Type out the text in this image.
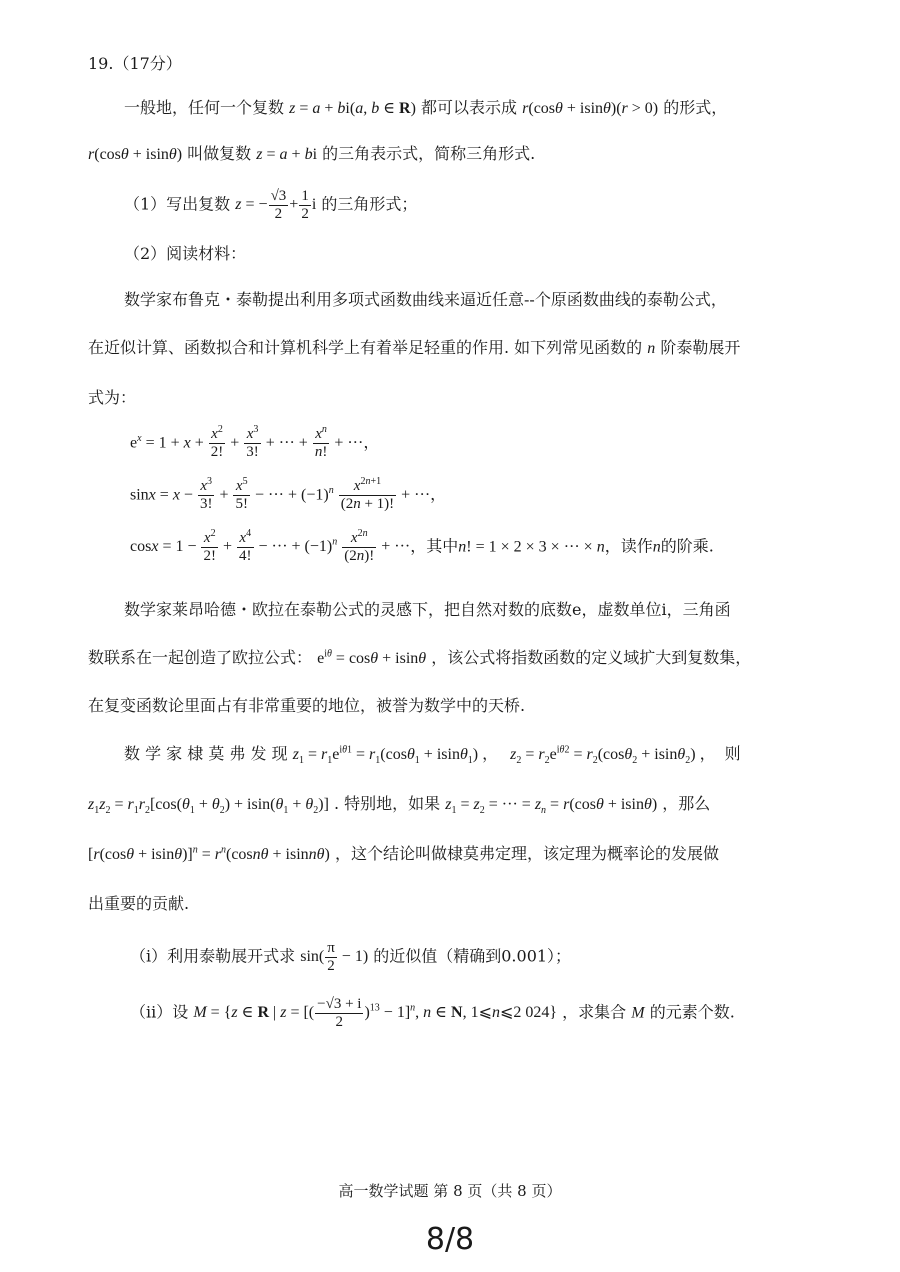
19.（17分）
一般地，任何一个复数 z = a + bi(a, b ∈ R) 都可以表示成 r(cosθ + isinθ)(r > 0) 的形式，
r(cosθ + isinθ) 叫做复数 z = a + bi 的三角表示式，简称三角形式.
（1）写出复数 z = − $\frac{√3}{2} + \frac{1}{2}$ i 的三角形式；
（2）阅读材料：
数学家布鲁克・泰勒提出利用多项式函数曲线来逼近任意--个原函数曲线的泰勒公式，
在近似计算、函数拟合和计算机科学上有着举足轻重的作用. 如下列常见函数的 n 阶泰勒展开
式为：
$e^x = 1 + x + \frac{x^2}{2!} + \frac{x^3}{3!}$ + ··· + $\frac{x^n}{n!}$ + ···，
$\sin x = x - \frac{x^3}{3!} + \frac{x^5}{5!}$ − ··· + $(-1)^n \frac{x^{2n+1}}{(2n + 1)!}$ + ···，
$\cos x = 1 - \frac{x^2}{2!} + \frac{x^4}{4!}$ − ··· + $(-1)^n \frac{x^{2n}}{(2n)!}$ + ···，其中n! = 1 × 2 × 3 × ··· × n，读作n的阶乘.
数学家莱昂哈德・欧拉在泰勒公式的灵感下，把自然对数的底数e，虚数单位i，三角函
数联系在一起创造了欧拉公式： $e^{i\theta} = \cos\theta + isin\theta$ ，该公式将指数函数的定义域扩大到复数集，
在复变函数论里面占有非常重要的地位，被誉为数学中的天桥.
数 学 家 棣 莫 弗 发 现 $z_1 = r_1e^{i\theta 1} = r_1(\cos\theta_1 + isin\theta_1)$ ，   $z_2 = r_2e^{i\theta 2} = r_2(\cos\theta_2 + isin\theta_2)$ ，  则
$z_1z_2 = r_1r_2[\cos(\theta_1 + \theta_2) + isin(\theta_1 + \theta_2)]$ . 特别地，如果 $z_1 = z_2$ = ··· = $z_n = r(\cos\theta + isin\theta)$ ，那么
$[r(\cos\theta + isin\theta)]^n = r^n(\cos n\theta + isinn\theta)$ ，这个结论叫做棣莫弗定理，该定理为概率论的发展做
出重要的贡献.
（i）利用泰勒展开式求 $\sin( \frac{\pi}{2} - 1)$ 的近似值（精确到0.001）；
（ii）设 M = {z ∈ R | z = [( $\frac{-√3 + i}{2} )^{13} - 1]^n$, n ∈ N, 1⩽n⩽2 024} ，求集合 M 的元素个数.
高一数学试题 第 8 页（共 8 页）
8/8
